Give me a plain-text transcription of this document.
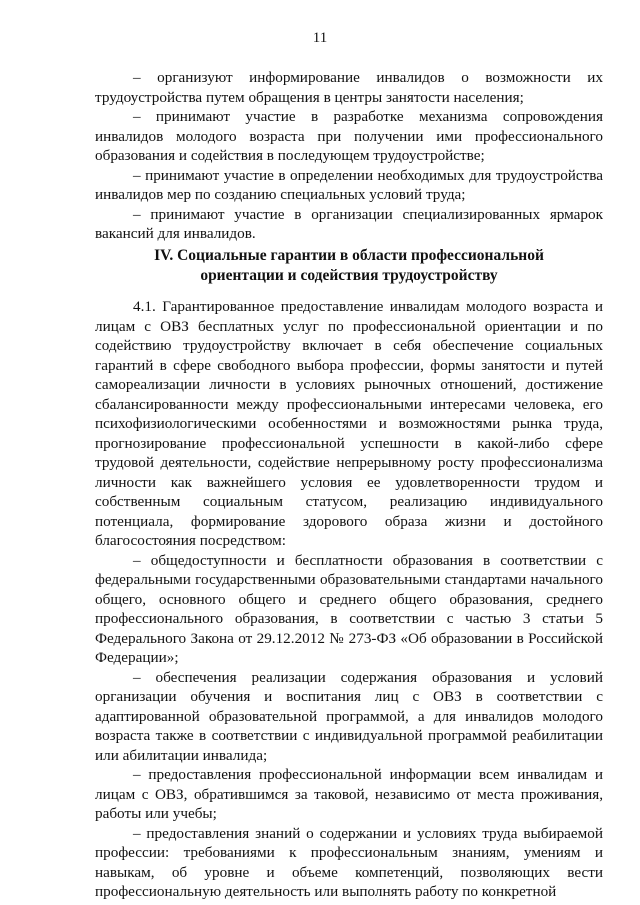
11

– организуют информирование инвалидов о возможности их трудоустройства путем обращения в центры занятости населения;

– принимают участие в разработке механизма сопровождения инвалидов молодого возраста при получении ими профессионального образования и содействия в последующем трудоустройстве;

– принимают участие в определении необходимых для трудоустройства инвалидов мер по созданию специальных условий труда;

– принимают участие в организации специализированных ярмарок вакансий для инвалидов.

IV. Социальные гарантии в области профессиональной
ориентации и содействия трудоустройству

4.1. Гарантированное предоставление инвалидам молодого возраста и лицам с ОВЗ бесплатных услуг по профессиональной ориентации и по содействию трудоустройству включает в себя обеспечение социальных гарантий в сфере свободного выбора профессии, формы занятости и путей самореализации личности в условиях рыночных отношений, достижение сбалансированности между профессиональными интересами человека, его психофизиологическими особенностями и возможностями рынка труда, прогнозирование профессиональной успешности в какой-либо сфере трудовой деятельности, содействие непрерывному росту профессионализма личности как важнейшего условия ее удовлетворенности трудом и собственным социальным статусом, реализацию индивидуального потенциала, формирование здорового образа жизни и достойного благосостояния посредством:

– общедоступности и бесплатности образования в соответствии с федеральными государственными образовательными стандартами начального общего, основного общего и среднего общего образования, среднего профессионального образования, в соответствии с частью 3 статьи 5 Федерального Закона от 29.12.2012 № 273-ФЗ «Об образовании в Российской Федерации»;

– обеспечения реализации содержания образования и условий организации обучения и воспитания лиц с ОВЗ в соответствии с адаптированной образовательной программой, а для инвалидов молодого возраста также в соответствии с индивидуальной программой реабилитации или абилитации инвалида;

– предоставления профессиональной информации всем инвалидам и лицам с ОВЗ, обратившимся за таковой, независимо от места проживания, работы или учебы;

– предоставления знаний о содержании и условиях труда выбираемой профессии: требованиями к профессиональным знаниям, умениям и навыкам, об уровне и объеме компетенций, позволяющих вести профессиональную деятельность или выполнять работу по конкретной
